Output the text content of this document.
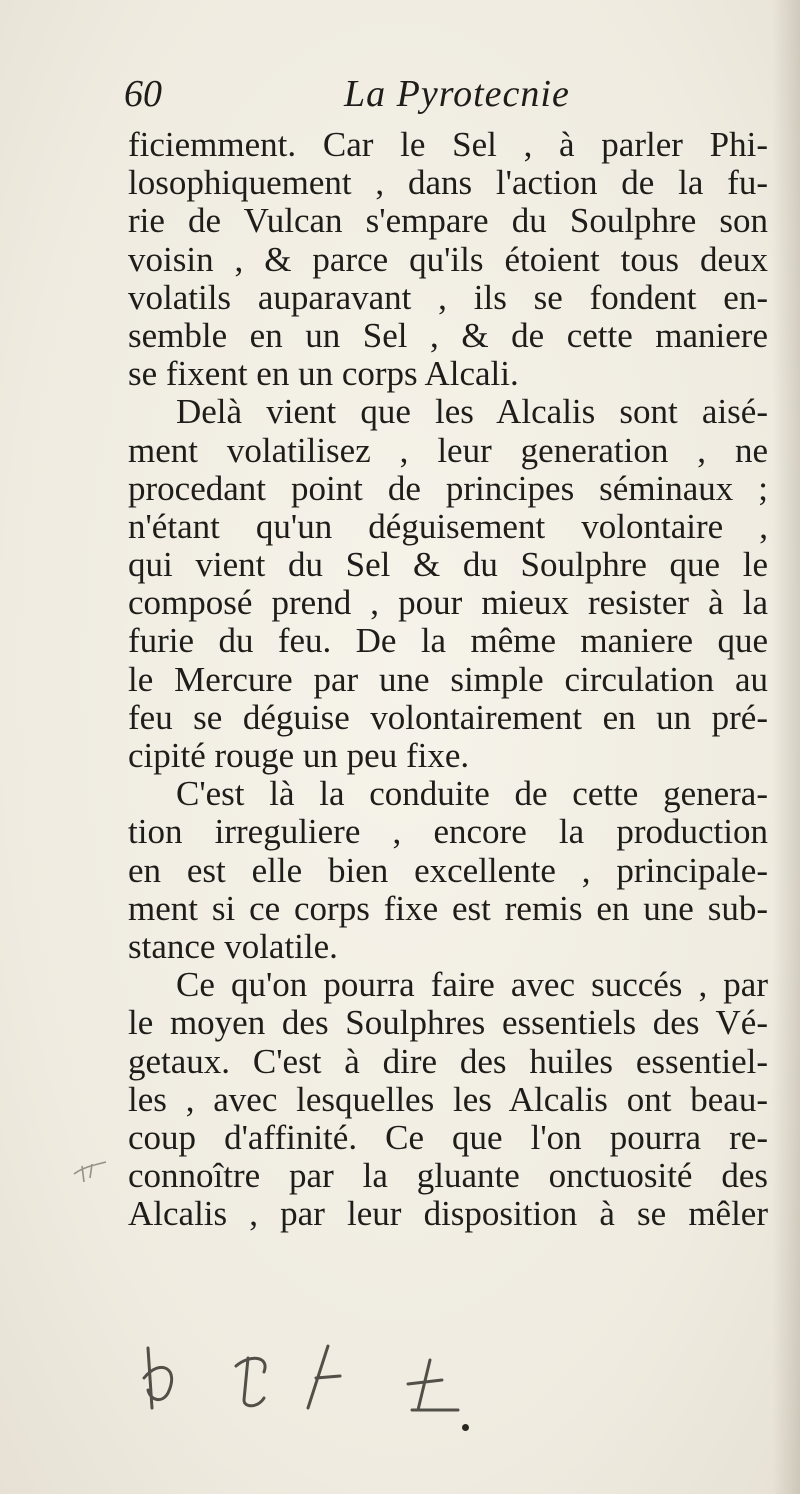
60	La Pyrotecnie
ficiemment. Car le Sel , à parler Phi-
losophiquement , dans l'action de la fu-
rie de Vulcan s'empare du Soulphre son
voisin , & parce qu'ils étoient tous deux
volatils auparavant , ils se fondent en-
semble en un Sel , & de cette maniere
se fixent en un corps Alcali.
Delà vient que les Alcalis sont aisé-
ment volatilisez , leur generation , ne
procedant point de principes séminaux ;
n'étant qu'un déguisement volontaire ,
qui vient du Sel & du Soulphre que le
composé prend , pour mieux resister à la
furie du feu. De la même maniere que
le Mercure par une simple circulation au
feu se déguise volontairement en un pré-
cipité rouge un peu fixe.
C'est là la conduite de cette genera-
tion irreguliere , encore la production
en est elle bien excellente , principale-
ment si ce corps fixe est remis en une sub-
stance volatile.
Ce qu'on pourra faire avec succés , par
le moyen des Soulphres essentiels des Vé-
getaux. C'est à dire des huiles essentiel-
les , avec lesquelles les Alcalis ont beau-
coup d'affinité. Ce que l'on pourra re-
connoître par la gluante onctuosité des
Alcalis , par leur disposition à se mêler
